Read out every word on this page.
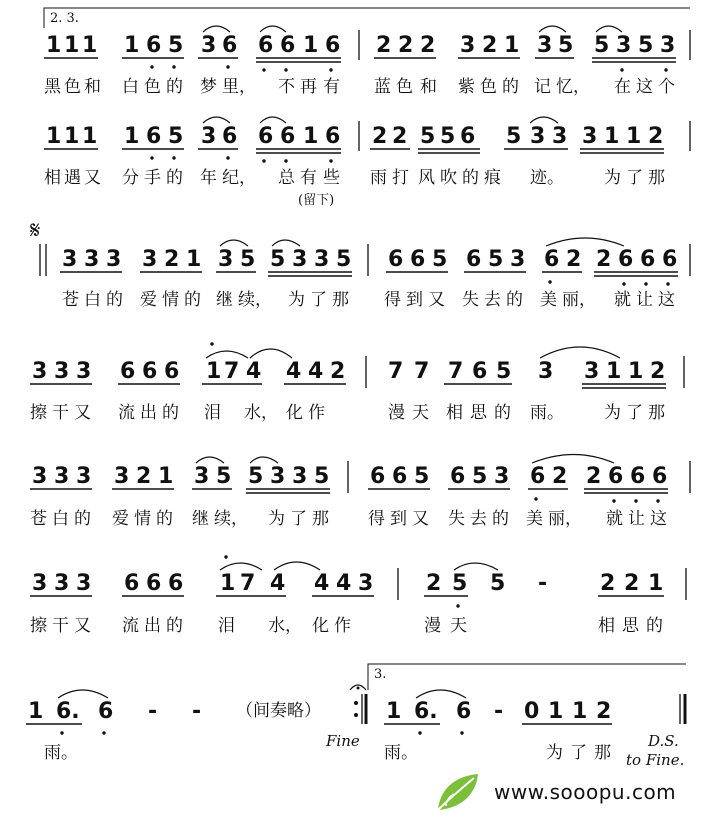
2. 3.
1 1 1 1 6 5 3 6 6 6 1 6 2 2 2 3 2 1 3 5 5 3 5 3
黑 色 和 白 色 的 梦 里， 不 再 有 蓝 色 和 紫 色 的 记 忆， 在 这 个
1 1 1 1 6 5 3 6 6 6 1 6 2 2 5 5 6 5 3 3 3 1 1 2
相 遇 又 分 手 的 年 纪， 总 有 些 雨 打 风 吹 的 痕 迹。 为 了 那
(留下)
𝄋
3 3 3 3 2 1 3 5 5 3 3 5 6 6 5 6 5 3 6 2 2 6 6 6
苍 白 的 爱 情 的 继 续， 为 了 那 得 到 又 失 去 的 美 丽， 就 让 这
3 3 3 6 6 6 1 7 4 4 4 2 7 7 7 6 5 3 3 1 1 2
擦 干 又 流 出 的 泪 水， 化 作	漫 天 相 思 的 雨。 为 了 那
3 3 3 3 2 1 3 5 5 3 3 5 6 6 5 6 5 3 6 2 2 6 6 6
苍 白 的 爱 情 的 继 续， 为 了 那 得 到 又 失 去 的 美 丽， 就 让 这
3 3 3 6 6 6 1 7 4 4 4 3 2 5 5 - 2 2 1
擦 干 又 流 出 的 泪 水， 化 作	漫 天	相 思 的
3.
1 6. 6 - -	1 6. 6 - 0 1 1 2
（间奏略）
Fine	D.S.
to Fine.
雨。	雨。	为 了 那
www.sooopu.com
